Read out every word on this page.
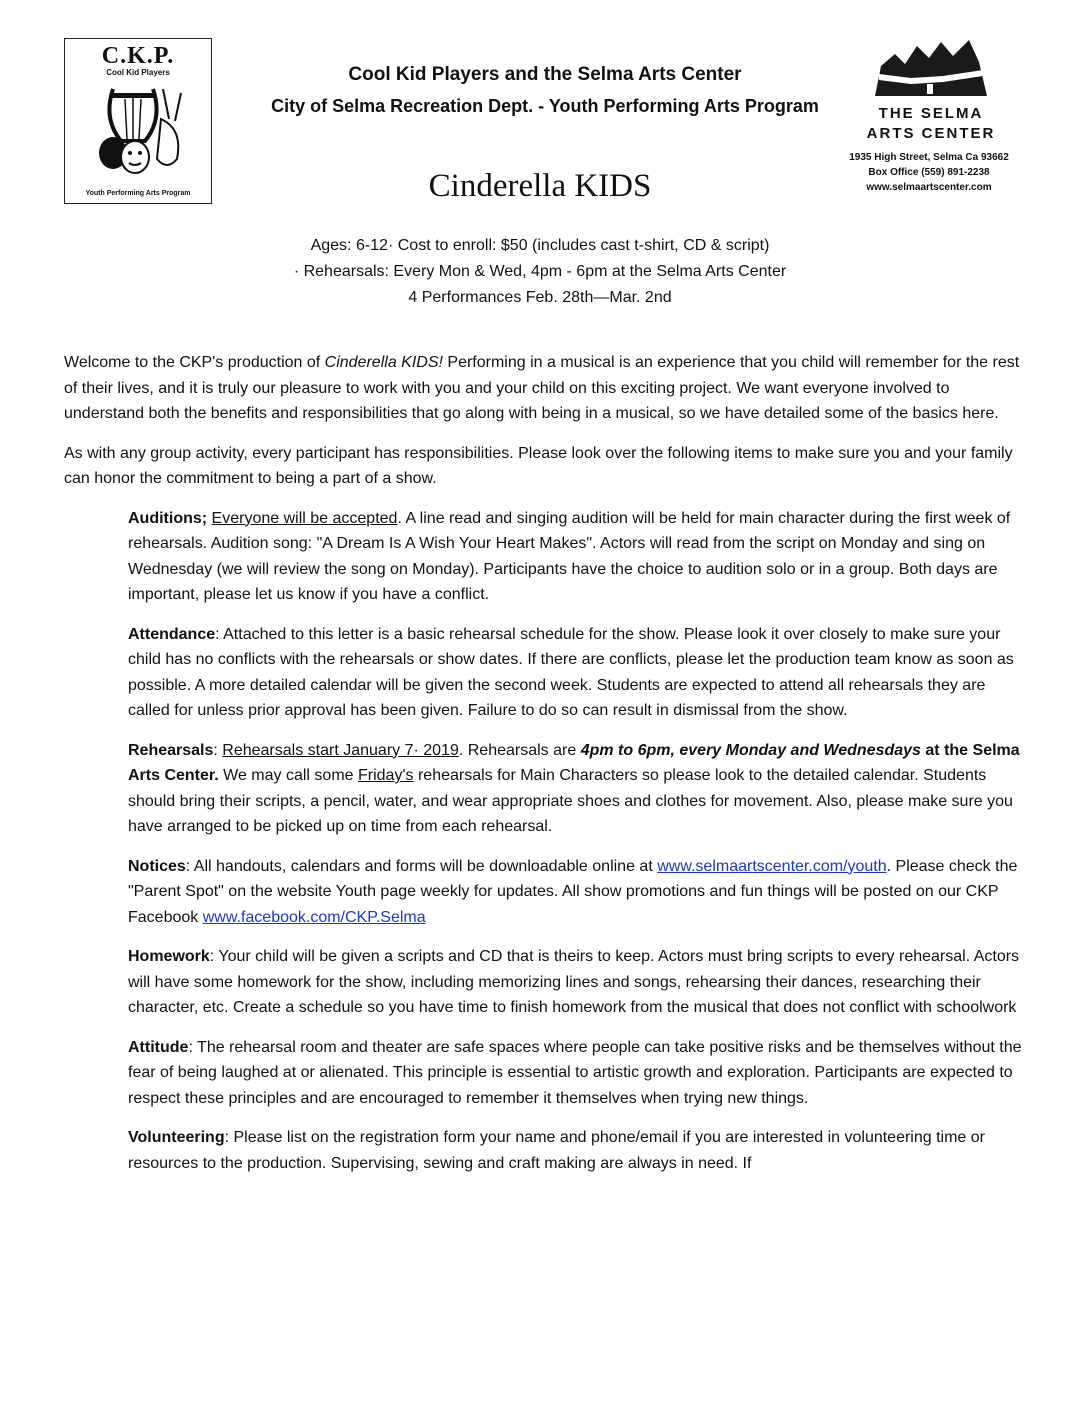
C.K.P.
Cool Kid Players
Youth Performing Arts Program
Cool Kid Players and the Selma Arts Center
City of Selma Recreation Dept. - Youth Performing Arts Program
Cinderella KIDS
THE SELMA
ARTS CENTER
1935 High Street, Selma Ca 93662
Box Office (559) 891-2238
www.selmaartscenter.com
Ages: 6-12· Cost to enroll: $50 (includes cast t-shirt, CD & script)
· Rehearsals: Every Mon & Wed, 4pm - 6pm at the Selma Arts Center
4 Performances Feb. 28th—Mar. 2nd

Welcome to the CKP's production of Cinderella KIDS! Performing in a musical is an experience that you child will remember for the rest of their lives, and it is truly our pleasure to work with you and your child on this exciting project. We want everyone involved to understand both the benefits and responsibilities that go along with being in a musical, so we have detailed some of the basics here.

As with any group activity, every participant has responsibilities. Please look over the following items to make sure you and your family can honor the commitment to being a part of a show.

Auditions; Everyone will be accepted. A line read and singing audition will be held for main character during the first week of rehearsals. Audition song: "A Dream Is A Wish Your Heart Makes". Actors will read from the script on Monday and sing on Wednesday (we will review the song on Monday). Participants have the choice to audition solo or in a group. Both days are important, please let us know if you have a conflict.

Attendance: Attached to this letter is a basic rehearsal schedule for the show. Please look it over closely to make sure your child has no conflicts with the rehearsals or show dates. If there are conflicts, please let the production team know as soon as possible. A more detailed calendar will be given the second week. Students are expected to attend all rehearsals they are called for unless prior approval has been given. Failure to do so can result in dismissal from the show.

Rehearsals: Rehearsals start January 7· 2019. Rehearsals are 4pm to 6pm, every Monday and Wednesdays at the Selma Arts Center. We may call some Friday's rehearsals for Main Characters so please look to the detailed calendar. Students should bring their scripts, a pencil, water, and wear appropriate shoes and clothes for movement. Also, please make sure you have arranged to be picked up on time from each rehearsal.

Notices: All handouts, calendars and forms will be downloadable online at www.selmaartscenter.com/youth. Please check the "Parent Spot" on the website Youth page weekly for updates. All show promotions and fun things will be posted on our CKP Facebook www.facebook.com/CKP.Selma

Homework: Your child will be given a scripts and CD that is theirs to keep. Actors must bring scripts to every rehearsal. Actors will have some homework for the show, including memorizing lines and songs, rehearsing their dances, researching their character, etc. Create a schedule so you have time to finish homework from the musical that does not conflict with schoolwork

Attitude: The rehearsal room and theater are safe spaces where people can take positive risks and be themselves without the fear of being laughed at or alienated. This principle is essential to artistic growth and exploration. Participants are expected to respect these principles and are encouraged to remember it themselves when trying new things.

Volunteering: Please list on the registration form your name and phone/email if you are interested in volunteering time or resources to the production. Supervising, sewing and craft making are always in need. If
